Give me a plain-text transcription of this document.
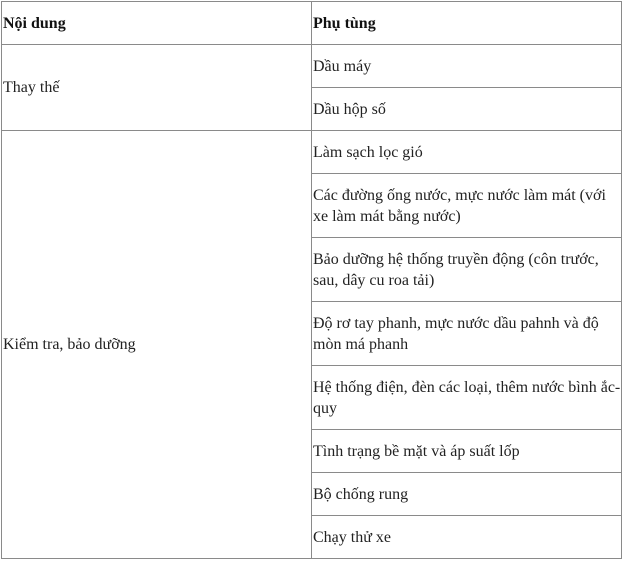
Nội dung	Phụ tùng
Thay thế	Dầu máy
	Dầu hộp số
Kiểm tra, bảo dưỡng	Làm sạch lọc gió
	Các đường ống nước, mực nước làm mát (với xe làm mát bằng nước)
	Bảo dưỡng hệ thống truyền động (côn trước, sau, dây cu roa tải)
	Độ rơ tay phanh, mực nước dầu pahnh và độ mòn má phanh
	Hệ thống điện, đèn các loại, thêm nước bình ắc-quy
	Tình trạng bề mặt và áp suất lốp
	Bộ chống rung
	Chạy thử xe
